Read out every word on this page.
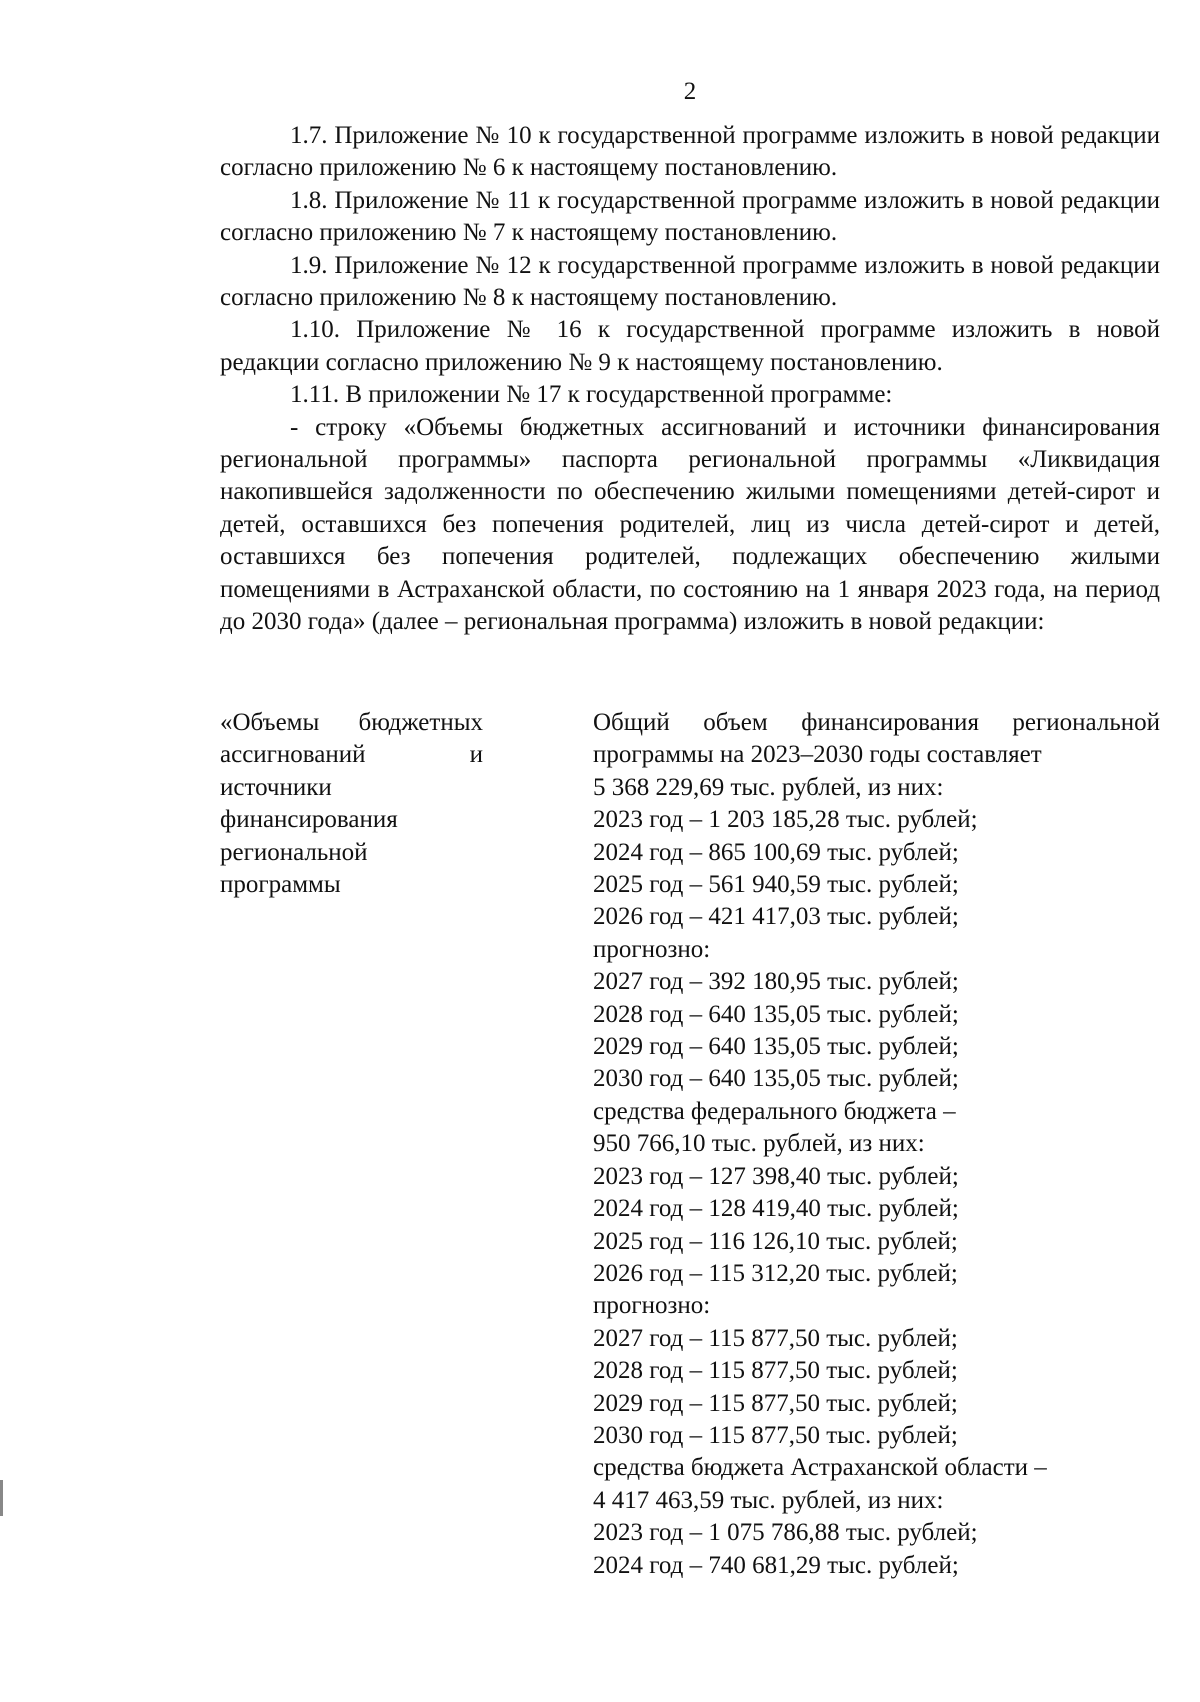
2

1.7. Приложение № 10 к государственной программе изложить в новой редакции согласно приложению № 6 к настоящему постановлению.

1.8. Приложение № 11 к государственной программе изложить в новой редакции согласно приложению № 7 к настоящему постановлению.

1.9. Приложение № 12 к государственной программе изложить в новой редакции согласно приложению № 8 к настоящему постановлению.

1.10. Приложение № 16 к государственной программе изложить в новой редакции согласно приложению № 9 к настоящему постановлению.

1.11. В приложении № 17 к государственной программе:

- строку «Объемы бюджетных ассигнований и источники финансирования региональной программы» паспорта региональной программы «Ликвидация накопившейся задолженности по обеспечению жилыми помещениями детей-сирот и детей, оставшихся без попечения родителей, лиц из числа детей-сирот и детей, оставшихся без попечения родителей, подлежащих обеспечению жилыми помещениями в Астраханской области, по состоянию на 1 января 2023 года, на период до 2030 года» (далее – региональная программа) изложить в новой редакции:

«Объемы бюджетных ассигнований и источники финансирования региональной программы
Общий объем финансирования региональной программы на 2023–2030 годы составляет
5 368 229,69 тыс. рублей, из них:
2023 год – 1 203 185,28 тыс. рублей;
2024 год – 865 100,69 тыс. рублей;
2025 год – 561 940,59 тыс. рублей;
2026 год – 421 417,03 тыс. рублей;
прогнозно:
2027 год – 392 180,95 тыс. рублей;
2028 год – 640 135,05 тыс. рублей;
2029 год – 640 135,05 тыс. рублей;
2030 год – 640 135,05 тыс. рублей;
средства федерального бюджета –
950 766,10 тыс. рублей, из них:
2023 год – 127 398,40 тыс. рублей;
2024 год – 128 419,40 тыс. рублей;
2025 год – 116 126,10 тыс. рублей;
2026 год – 115 312,20 тыс. рублей;
прогнозно:
2027 год – 115 877,50 тыс. рублей;
2028 год – 115 877,50 тыс. рублей;
2029 год – 115 877,50 тыс. рублей;
2030 год – 115 877,50 тыс. рублей;
средства бюджета Астраханской области –
4 417 463,59 тыс. рублей, из них:
2023 год – 1 075 786,88 тыс. рублей;
2024 год – 740 681,29 тыс. рублей;
